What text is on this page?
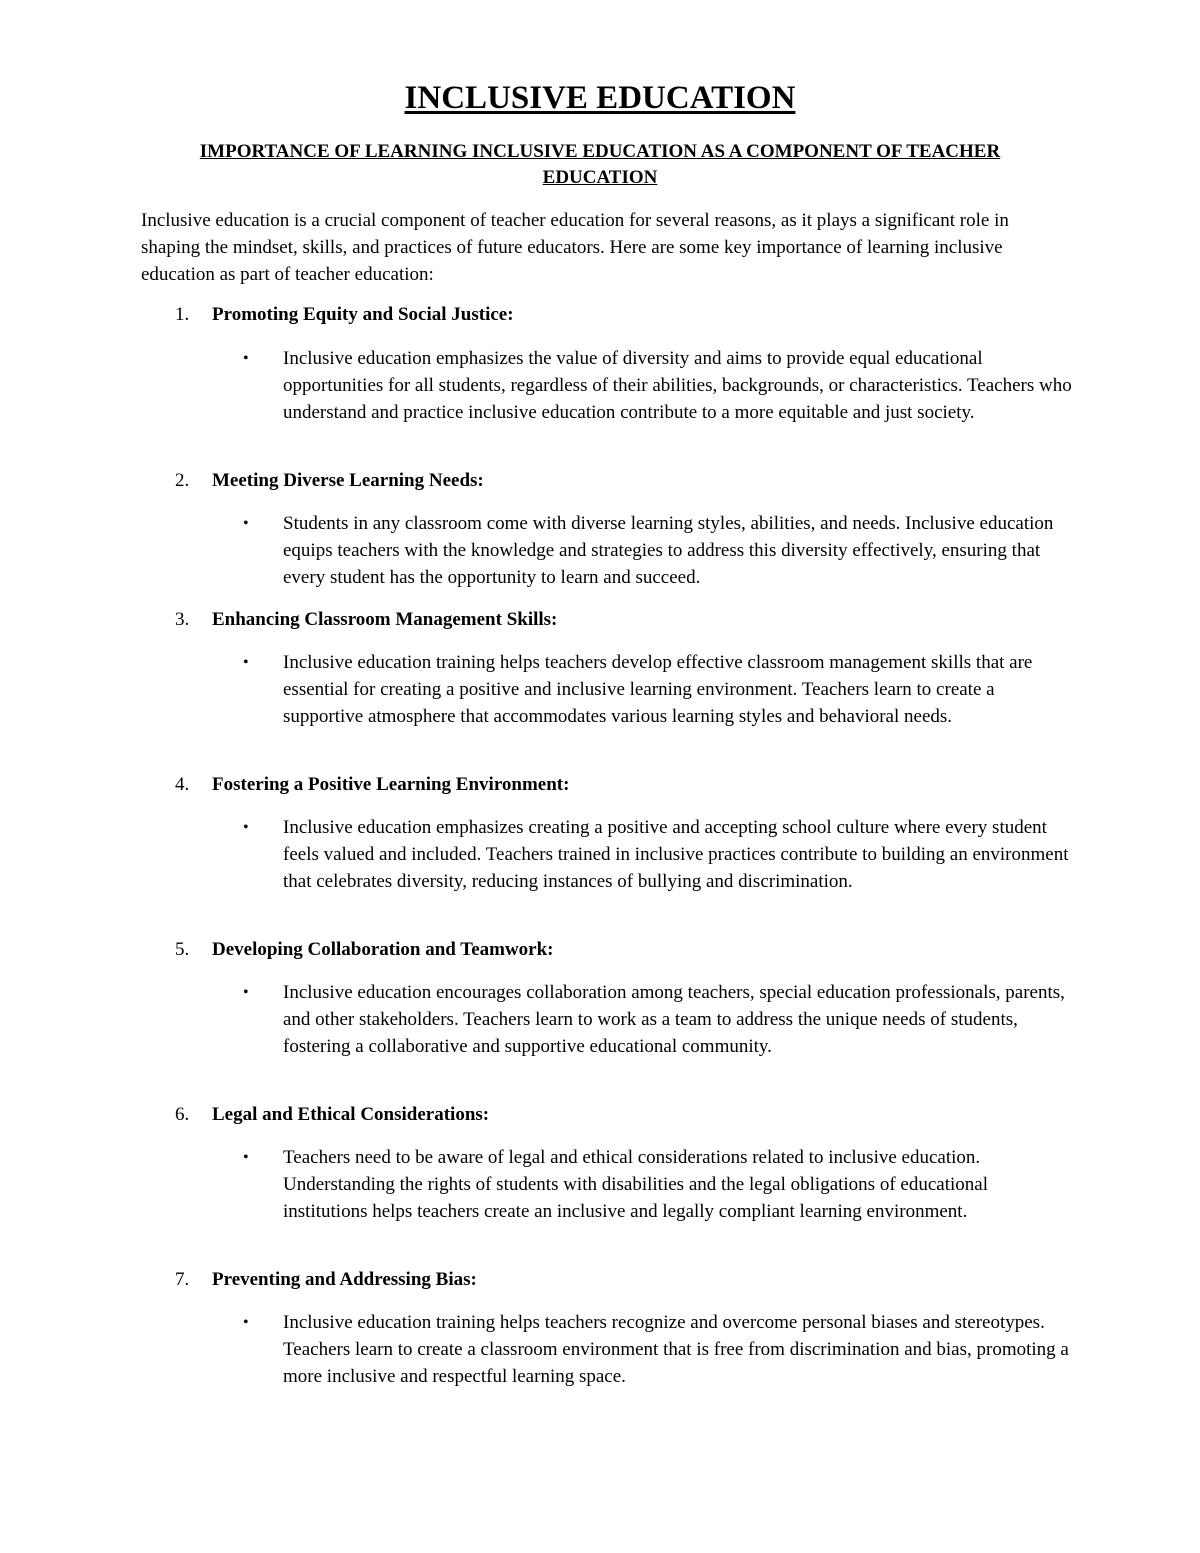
INCLUSIVE EDUCATION
IMPORTANCE OF LEARNING INCLUSIVE EDUCATION AS A COMPONENT OF TEACHER EDUCATION

Inclusive education is a crucial component of teacher education for several reasons, as it plays a significant role in shaping the mindset, skills, and practices of future educators. Here are some key importance of learning inclusive education as part of teacher education:

1. Promoting Equity and Social Justice:
•	Inclusive education emphasizes the value of diversity and aims to provide equal educational opportunities for all students, regardless of their abilities, backgrounds, or characteristics. Teachers who understand and practice inclusive education contribute to a more equitable and just society.
2. Meeting Diverse Learning Needs:
•	Students in any classroom come with diverse learning styles, abilities, and needs. Inclusive education equips teachers with the knowledge and strategies to address this diversity effectively, ensuring that every student has the opportunity to learn and succeed.
3. Enhancing Classroom Management Skills:
•	Inclusive education training helps teachers develop effective classroom management skills that are essential for creating a positive and inclusive learning environment. Teachers learn to create a supportive atmosphere that accommodates various learning styles and behavioral needs.
4. Fostering a Positive Learning Environment:
•	Inclusive education emphasizes creating a positive and accepting school culture where every student feels valued and included. Teachers trained in inclusive practices contribute to building an environment that celebrates diversity, reducing instances of bullying and discrimination.
5. Developing Collaboration and Teamwork:
•	Inclusive education encourages collaboration among teachers, special education professionals, parents, and other stakeholders. Teachers learn to work as a team to address the unique needs of students, fostering a collaborative and supportive educational community.
6. Legal and Ethical Considerations:
•	Teachers need to be aware of legal and ethical considerations related to inclusive education. Understanding the rights of students with disabilities and the legal obligations of educational institutions helps teachers create an inclusive and legally compliant learning environment.
7. Preventing and Addressing Bias:
•	Inclusive education training helps teachers recognize and overcome personal biases and stereotypes. Teachers learn to create a classroom environment that is free from discrimination and bias, promoting a more inclusive and respectful learning space.
